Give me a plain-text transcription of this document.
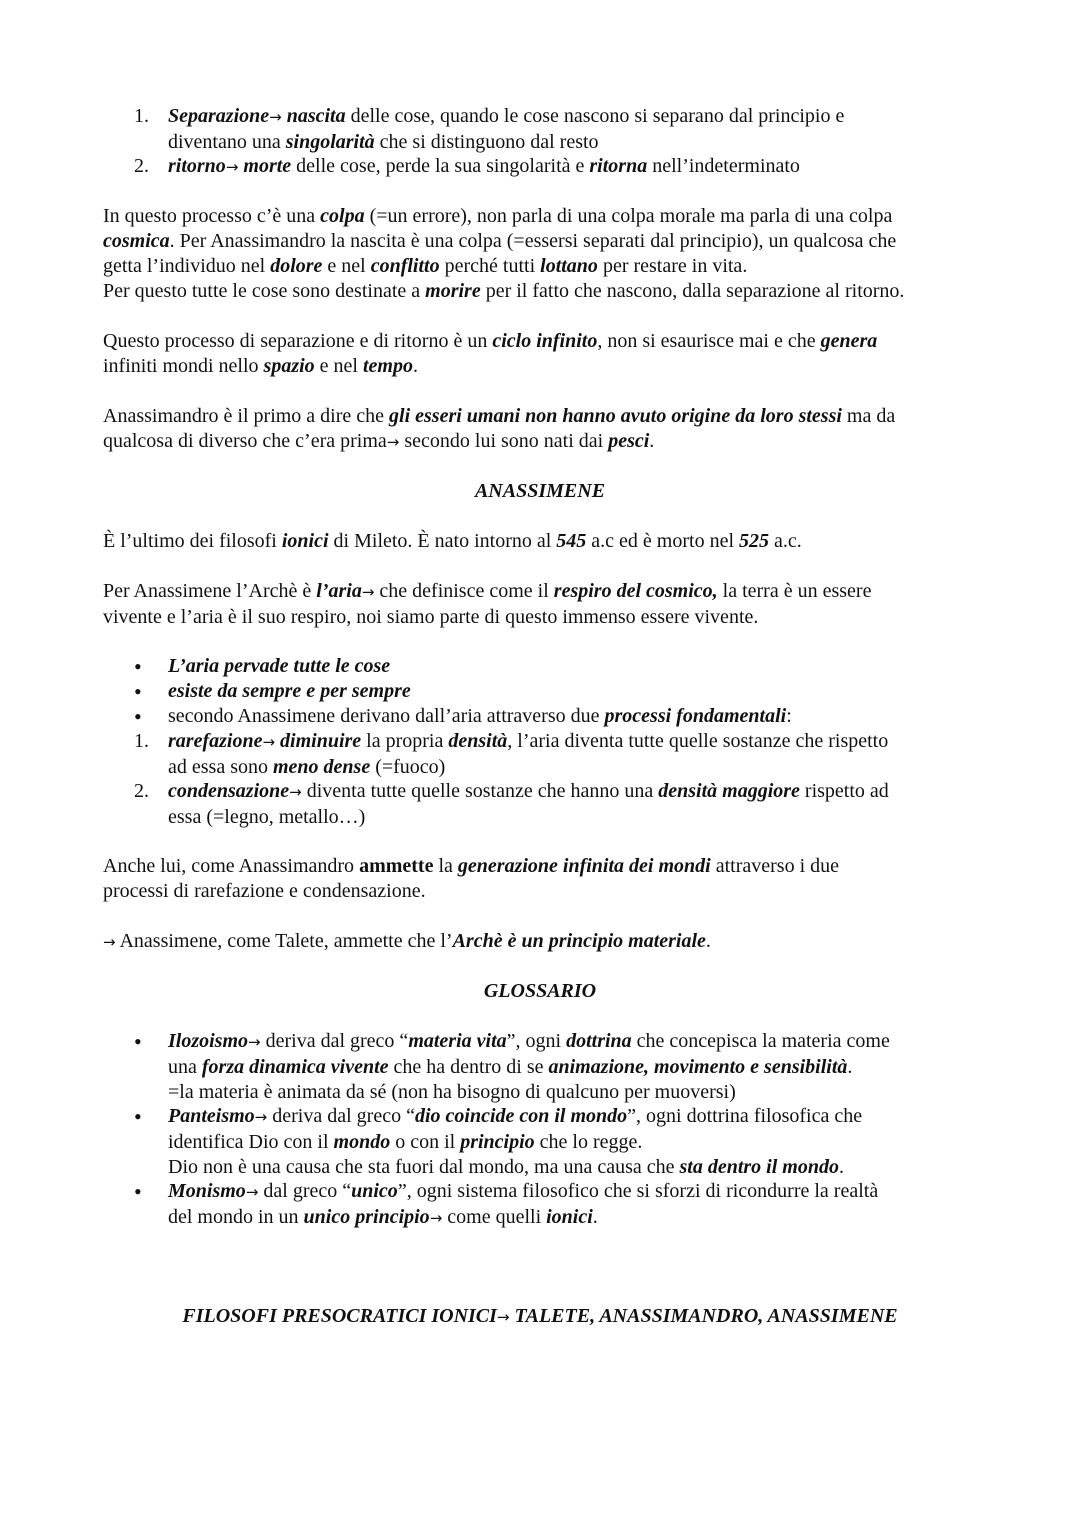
1. Separazione→ nascita delle cose, quando le cose nascono si separano dal principio e
diventano una singolarità che si distinguono dal resto

2. ritorno→ morte delle cose, perde la sua singolarità e ritorna nell’indeterminato

In questo processo c’è una colpa (=un errore), non parla di una colpa morale ma parla di una colpa
cosmica. Per Anassimandro la nascita è una colpa (=essersi separati dal principio), un qualcosa che
getta l’individuo nel dolore e nel conflitto perché tutti lottano per restare in vita.
Per questo tutte le cose sono destinate a morire per il fatto che nascono, dalla separazione al ritorno.

Questo processo di separazione e di ritorno è un ciclo infinito, non si esaurisce mai e che genera
infiniti mondi nello spazio e nel tempo.

Anassimandro è il primo a dire che gli esseri umani non hanno avuto origine da loro stessi ma da
qualcosa di diverso che c’era prima→ secondo lui sono nati dai pesci.

ANASSIMENE

È l’ultimo dei filosofi ionici di Mileto. È nato intorno al 545 a.c ed è morto nel 525 a.c.

Per Anassimene l’Archè è l’aria→ che definisce come il respiro del cosmico, la terra è un essere
vivente e l’aria è il suo respiro, noi siamo parte di questo immenso essere vivente.

• L’aria pervade tutte le cose

• esiste da sempre e per sempre

• secondo Anassimene derivano dall’aria attraverso due processi fondamentali:

1. rarefazione→ diminuire la propria densità, l’aria diventa tutte quelle sostanze che rispetto
ad essa sono meno dense (=fuoco)

2. condensazione→ diventa tutte quelle sostanze che hanno una densità maggiore rispetto ad
essa (=legno, metallo…)

Anche lui, come Anassimandro ammette la generazione infinita dei mondi attraverso i due
processi di rarefazione e condensazione.

→ Anassimene, come Talete, ammette che l’Archè è un principio materiale.

GLOSSARIO

• Ilozoismo→ deriva dal greco “materia vita”, ogni dottrina che concepisca la materia come
una forza dinamica vivente che ha dentro di se animazione, movimento e sensibilità.
=la materia è animata da sé (non ha bisogno di qualcuno per muoversi)

• Panteismo→ deriva dal greco “dio coincide con il mondo”, ogni dottrina filosofica che
identifica Dio con il mondo o con il principio che lo regge.
Dio non è una causa che sta fuori dal mondo, ma una causa che sta dentro il mondo.

• Monismo→ dal greco “unico”, ogni sistema filosofico che si sforzi di ricondurre la realtà
del mondo in un unico principio→ come quelli ionici.

FILOSOFI PRESOCRATICI IONICI→ TALETE, ANASSIMANDRO, ANASSIMENE
